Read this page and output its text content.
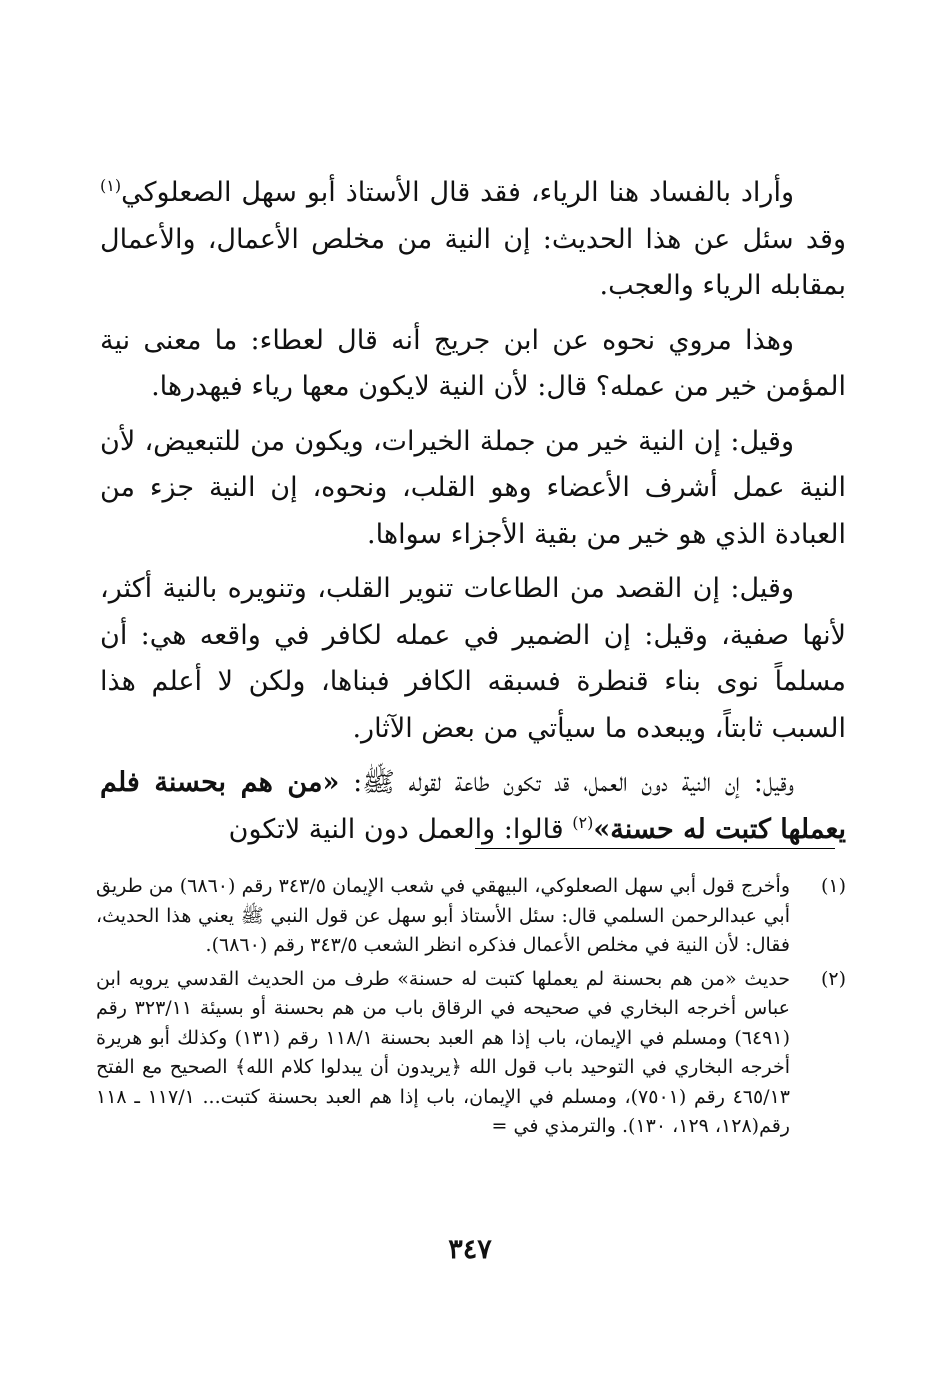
وأراد بالفساد هنا الرياء، فقد قال الأستاذ أبو سهل الصعلوكي$^{(١)}$ وقد سئل عن هذا الحديث: إن النية من مخلص الأعمال، والأعمال بمقابله الرياء والعجب.

وهذا مروي نحوه عن ابن جريج أنه قال لعطاء: ما معنى نية المؤمن خير من عمله؟ قال: لأن النية لايكون معها رياء فيهدرها.

وقيل: إن النية خير من جملة الخيرات، ويكون من للتبعيض، لأن النية عمل أشرف الأعضاء وهو القلب، ونحوه، إن النية جزء من العبادة الذي هو خير من بقية الأجزاء سواها.

وقيل: إن القصد من الطاعات تنوير القلب، وتنويره بالنية أكثر، لأنها صفية، وقيل: إن الضمير في عمله لكافر في واقعه هي: أن مسلماً نوى بناء قنطرة فسبقه الكافر فبناها، ولكن لا أعلم هذا السبب ثابتاً، ويبعده ما سيأتي من بعض الآثار.

وقيل: إن النية دون العمل، قد تكون طاعة لقوله ﷺ: «من هم بحسنة فلم يعملها كتبت له حسنة»$^{(٢)}$ قالوا: والعمل دون النية لاتكون

(١)
وأخرج قول أبي سهل الصعلوكي، البيهقي في شعب الإيمان ٣٤٣/٥ رقم (٦٨٦٠) من طريق أبي عبدالرحمن السلمي قال: سئل الأستاذ أبو سهل عن قول النبي ﷺ يعني هذا الحديث، فقال: لأن النية في مخلص الأعمال فذكره انظر الشعب ٣٤٣/٥ رقم (٦٨٦٠).
(٢)
حديث «من هم بحسنة لم يعملها كتبت له حسنة» طرف من الحديث القدسي يرويه ابن عباس أخرجه البخاري في صحيحه في الرقاق باب من هم بحسنة أو بسيئة ٣٢٣/١١ رقم (٦٤٩١) ومسلم في الإيمان، باب إذا هم العبد بحسنة ١١٨/١ رقم (١٣١) وكذلك أبو هريرة أخرجه البخاري في التوحيد باب قول الله ﴿يريدون أن يبدلوا كلام الله﴾ الصحيح مع الفتح ٤٦٥/١٣ رقم (٧٥٠١)، ومسلم في الإيمان، باب إذا هم العبد بحسنة كتبت... ١١٧/١ ـ ١١٨ رقم(١٢٨، ١٢٩، ١٣٠). والترمذي في =
٣٤٧
